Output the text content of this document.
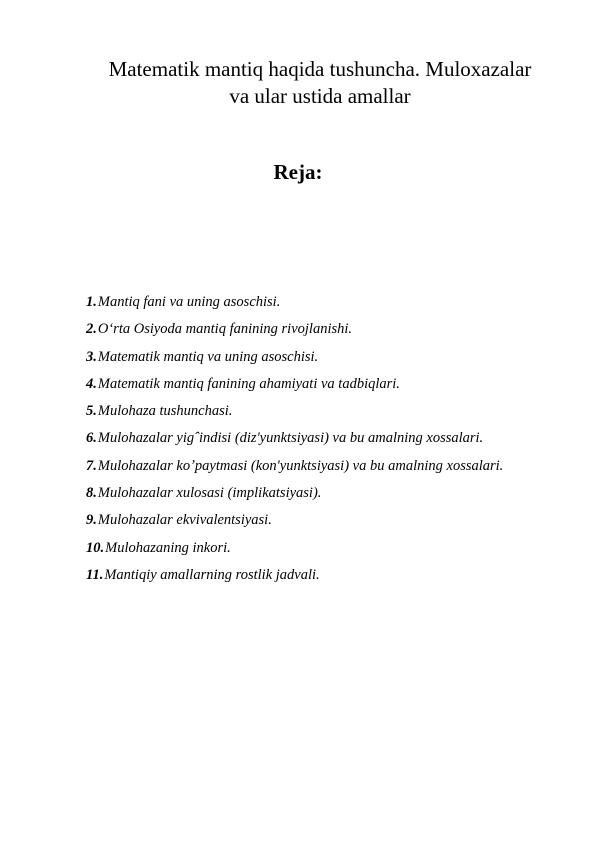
Matematik mantiq haqida tushuncha. Muloxazalar
va ular ustida amallar
Reja:
1. Mantiq fani va uning asoschisi.
2. Oʻrta Osiyoda mantiq fanining rivojlanishi.
3. Matematik mantiq va uning asoschisi.
4. Matematik mantiq fanining ahamiyati va tadbiqlari.
5. Mulohaza tushunchasi.
6. Mulohazalar yigˆindisi (diz'yunktsiyasi) va bu amalning xossalari.
7. Mulohazalar koʼpaytmasi (kon'yunktsiyasi) va bu amalning xossalari.
8. Mulohazalar xulosasi (implikatsiyasi).
9. Mulohazalar ekvivalentsiyasi.
10. Mulohazaning inkori.
11. Mantiqiy amallarning rostlik jadvali.
